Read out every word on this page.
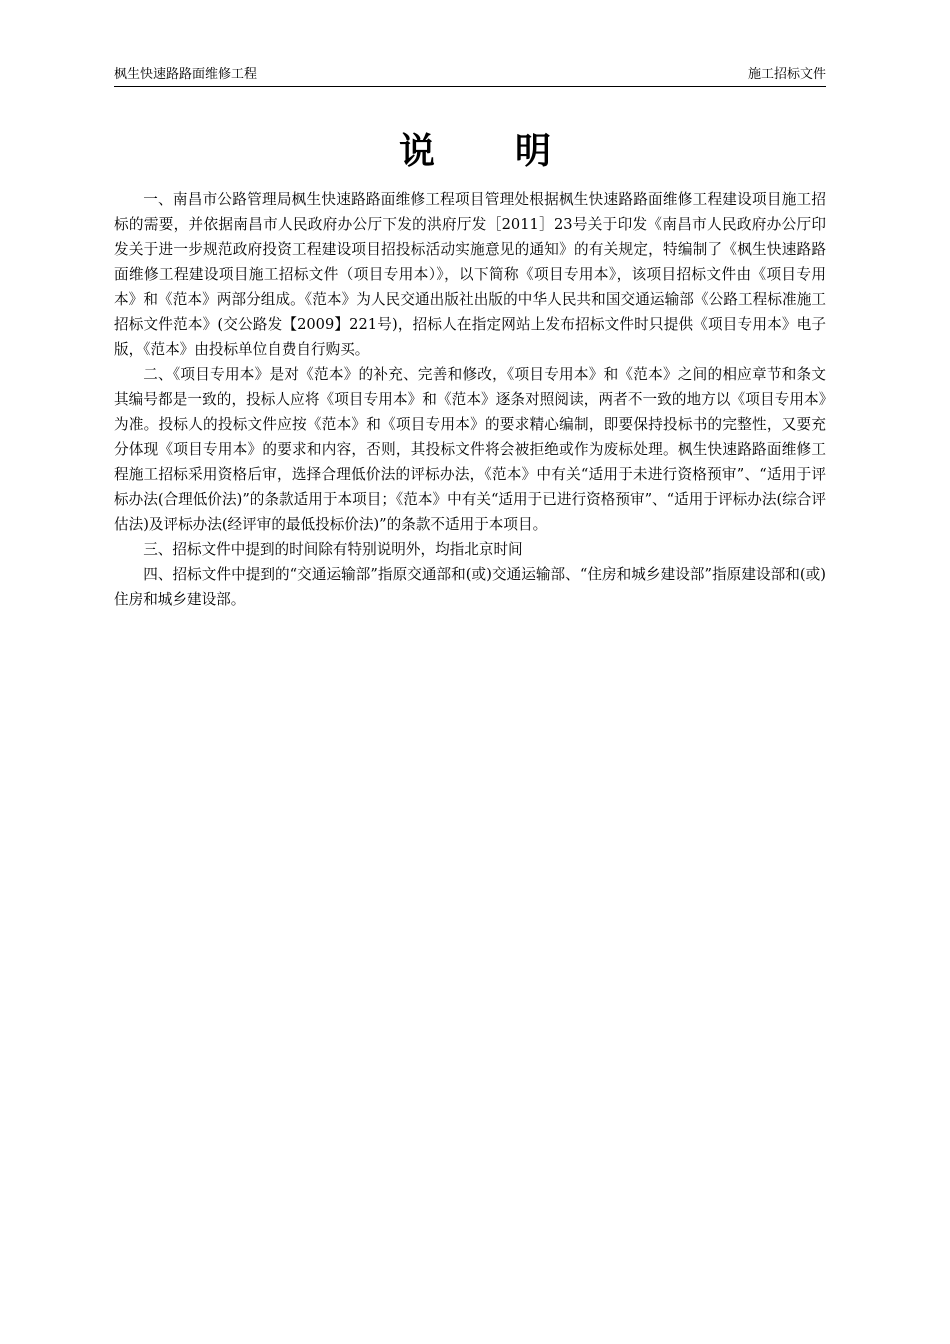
枫生快速路路面维修工程	施工招标文件
说明

一、南昌市公路管理局枫生快速路路面维修工程项目管理处根据枫生快速路路面维修工程建设项目施工招标的需要，并依据南昌市人民政府办公厅下发的洪府厅发［2011］23号关于印发《南昌市人民政府办公厅印发关于进一步规范政府投资工程建设项目招投标活动实施意见的通知》的有关规定，特编制了《枫生快速路路面维修工程建设项目施工招标文件（项目专用本）》，以下简称《项目专用本》，该项目招标文件由《项目专用本》和《范本》两部分组成。《范本》为人民交通出版社出版的中华人民共和国交通运输部《公路工程标准施工招标文件范本》(交公路发【2009】221号)，招标人在指定网站上发布招标文件时只提供《项目专用本》电子版，《范本》由投标单位自费自行购买。

二、《项目专用本》是对《范本》的补充、完善和修改，《项目专用本》和《范本》之间的相应章节和条文其编号都是一致的，投标人应将《项目专用本》和《范本》逐条对照阅读，两者不一致的地方以《项目专用本》为准。投标人的投标文件应按《范本》和《项目专用本》的要求精心编制，即要保持投标书的完整性，又要充分体现《项目专用本》的要求和内容，否则，其投标文件将会被拒绝或作为废标处理。枫生快速路路面维修工程施工招标采用资格后审，选择合理低价法的评标办法，《范本》中有关“适用于未进行资格预审”、“适用于评标办法(合理低价法)”的条款适用于本项目；《范本》中有关“适用于已进行资格预审”、“适用于评标办法(综合评估法)及评标办法(经评审的最低投标价法)”的条款不适用于本项目。

三、招标文件中提到的时间除有特别说明外，均指北京时间

四、招标文件中提到的“交通运输部”指原交通部和(或)交通运输部、“住房和城乡建设部”指原建设部和(或)住房和城乡建设部。
